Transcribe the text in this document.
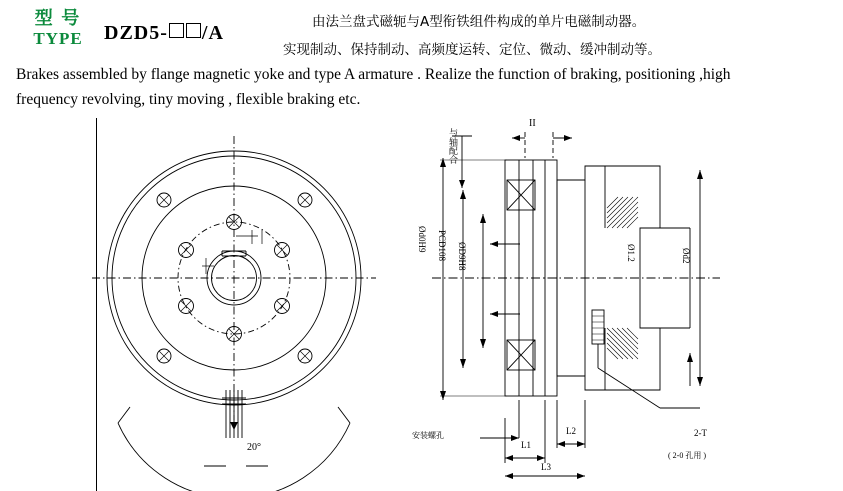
型 号
TYPE	DZD5- /A	由法兰盘式磁轭与A型衔铁组件构成的单片电磁制动器。
实现制动、保持制动、高频度运转、定位、微动、缓冲制动等。
Brakes assembled by flange magnetic yoke and type A armature . Realize the function of braking, positioning ,high
frequency revolving, tiny moving , flexible braking etc.
20°
与轴配合
II
Ød0H9 PCD108 ØD9H8	Ø1.2	Ød2
安装螺孔
L1
L2
L3
2-T
( 2-0 孔用 )
